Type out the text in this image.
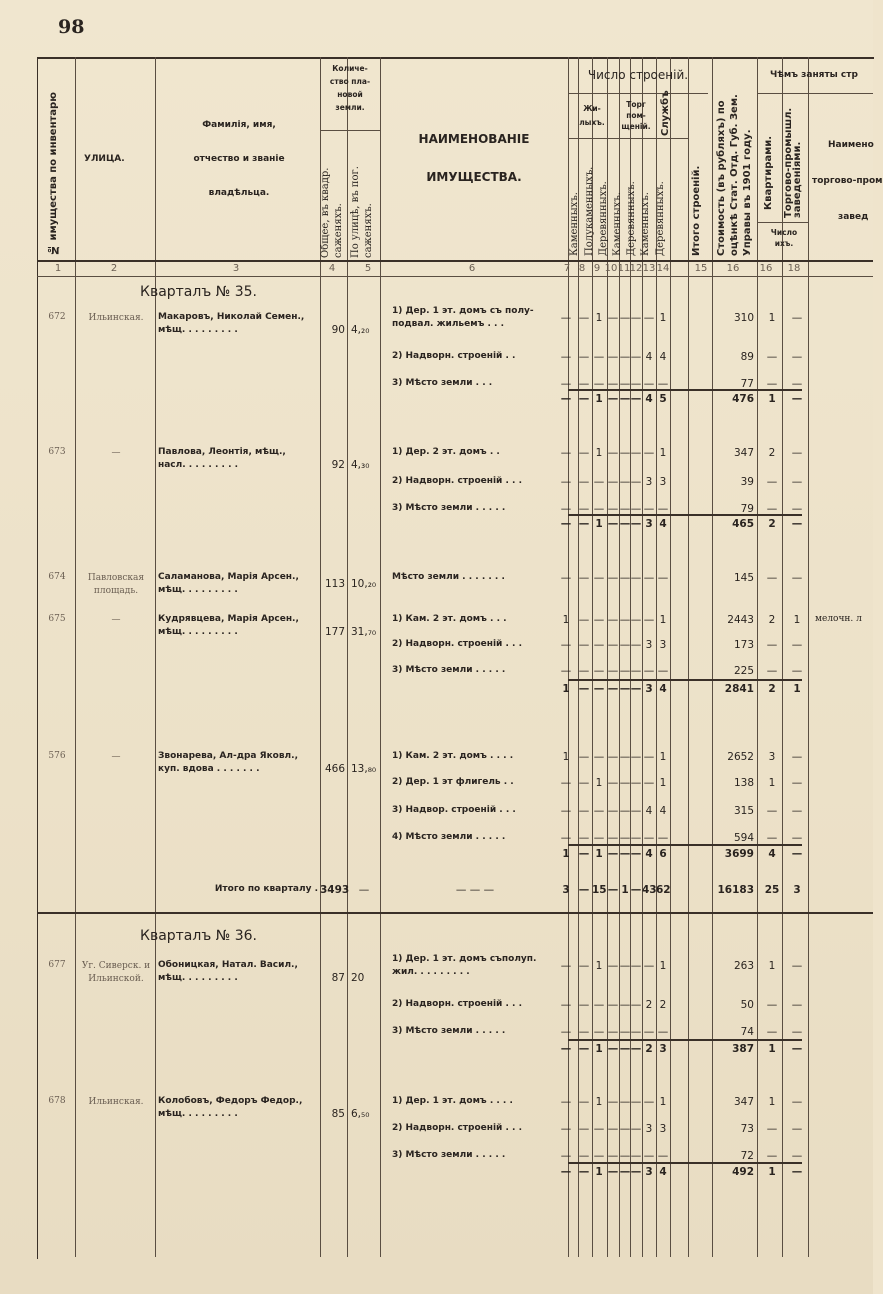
98
№ имущества по инвентарю	УЛИЦА.
Фамилія, имя,
отчество и званіе
владѣльца.
Количе-
ство пла-
новой
земли.
Общее, въ квадр. саженяхъ. По улицѣ, въ пог. саженяхъ.
НАИМЕНОВАНІЕ
ИМУЩЕСТВА.
Число строеній.
Жи-
лыхъ.
Торг
пом-
щеній. Службъ
Каменныхъ. Полукаменныхъ. Деревянныхъ. Каменныхъ. Деревянныхъ. Каменныхъ. Деревянныхъ.	Итого строеній. Стоимость (въ рубляхъ) по оцѣнкѣ Стат. Отд. Губ. Зем. Управы въ 1901 году.
Чѣмъ заняты стр
Квартирами. Торгово-промышл.
заведеніями.
Число
ихъ.
Наимено
торгово-пром
завед
1	2	3	4	5	6	7 8 9 10 11 12 13 14	15	16	16	18
Кварталъ № 35.
Кварталъ № 36.
672	Ильинская.	Макаровъ, Николай Семен.,
мѣщ. . . . . . . . .	90 4,₂₀
1) Дер. 1 эт. домъ съ полу-
подвал. жильемъ . . .	— — 1 — — — — 1	310	1	—
2) Надворн. строеній . .	— — — — — — 4 4	89	—	—
3) Мѣсто земли . . .	— — — — — — — —	77	—	—
— — 1 — — — 4 5	476	1	—
673	—	Павлова, Леонтія, мѣщ.,
насл. . . . . . . . .	92 4,₃₀
1) Дер. 2 эт. домъ . .	— — 1 — — — — 1	347	2	—
2) Надворн. строеній . . .	— — — — — — 3 3	39	—	—
3) Мѣсто земли . . . . .	— — — — — — — —	79	—	—
— — 1 — — — 3 4	465	2	—
674	Павловская площадь.
Саламанова, Марія Арсен.,
мѣщ. . . . . . . . .	113 10,₂₀
Мѣсто земли . . . . . . .	— — — — — — — —	145	—	—
675	—	Кудрявцева, Марія Арсен.,
мѣщ. . . . . . . . .	177 31,₇₀
1) Кам. 2 эт. домъ . . .	1 — — — — — — 1	2443	2	1	мелочн. л
2) Надворн. строеній . . .	— — — — — — 3 3	173	—	—
3) Мѣсто земли . . . . .	— — — — — — — —	225	—	—
1 — — — — — 3 4	2841	2	1
576	—	Звонарева, Ал-дра Яковл.,
куп. вдова . . . . . . .	466 13,₈₀
1) Кам. 2 эт. домъ . . . .	1 — — — — — — 1	2652	3	—
2) Дер. 1 эт флигель . .	— — 1 — — — — 1	138	1	—
3) Надвор. строеній . . .	— — — — — — 4 4	315	—	—
4) Мѣсто земли . . . . .	— — — — — — — —	594	—	—
1 — 1 — — — 4 6	3699	4	—
677	Уг. Сиверск. и Ильинской.
Обоницкая, Натал. Васил.,
мѣщ. . . . . . . . .	87 20
1) Дер. 1 эт. домъ съполуп.
жил. . . . . . . . .	— — 1 — — — — 1	263	1	—
2) Надворн. строеній . . .	— — — — — — 2 2	50	—	—
3) Мѣсто земли . . . . .	— — — — — — — —	74	—	—
— — 1 — — — 2 3	387	1	—
678	Ильинская.	Колобовъ, Федоръ Федор.,
мѣщ. . . . . . . . .	85 6,₅₀
1) Дер. 1 эт. домъ . . . .	— — 1 — — — — 1	347	1	—
2) Надворн. строеній . . .	— — — — — — 3 3	73	—	—
3) Мѣсто земли . . . . .	— — — — — — — —	72	—	—
— — 1 — — — 3 4	492	1	—
Итого по кварталу . 3493 —	— — —	3 — 15 — 1 — 43 62	16183 25	3
